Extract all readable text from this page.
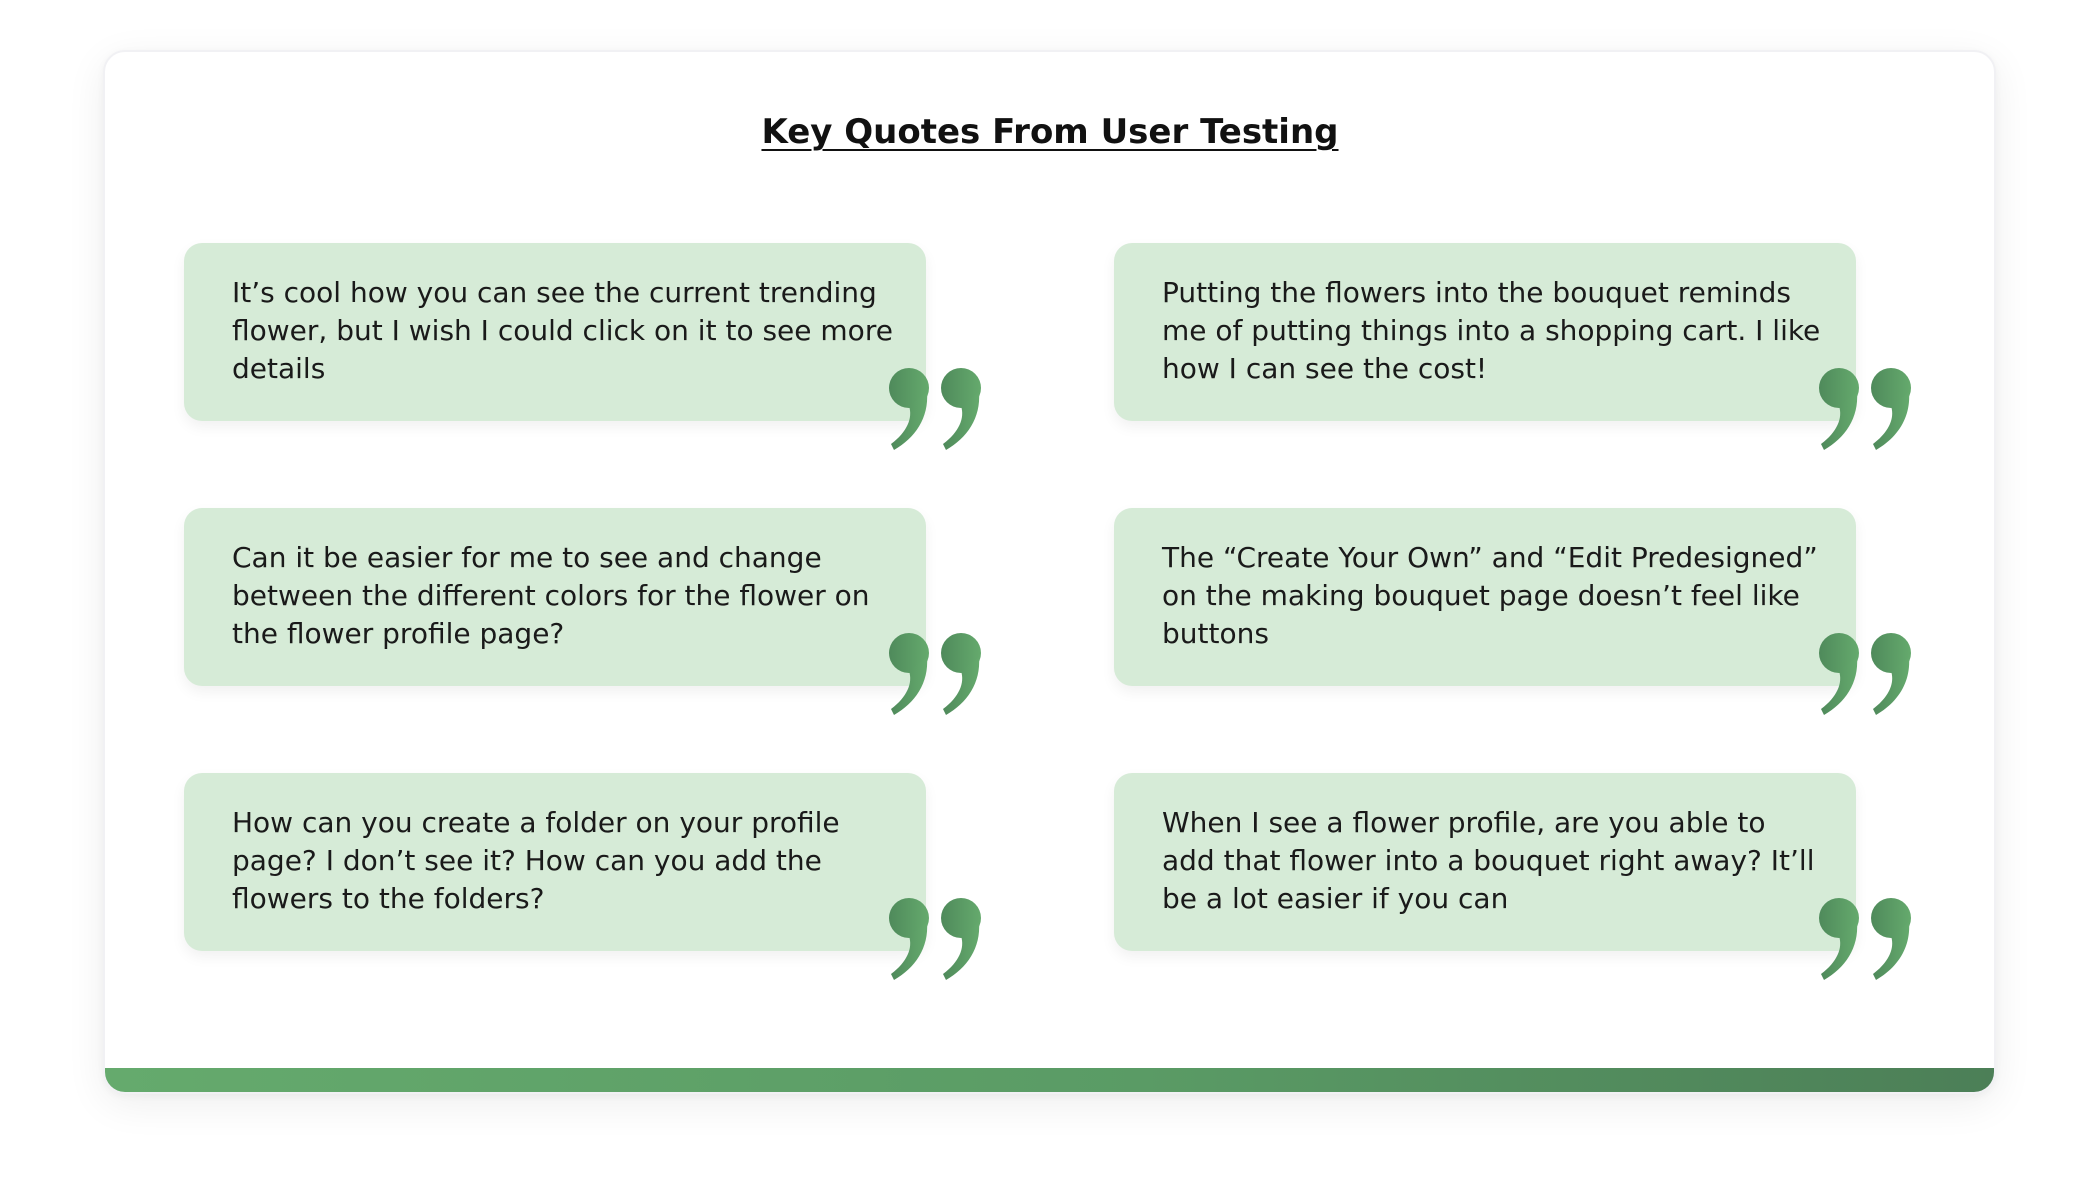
Key Quotes From User Testing

It’s cool how you can see the current trending flower, but I wish I could click on it to see more details

Putting the flowers into the bouquet reminds me of putting things into a shopping cart. I like how I can see the cost!

Can it be easier for me to see and change between the different colors for the flower on the flower profile page?

The “Create Your Own” and “Edit Predesigned” on the making bouquet page doesn’t feel like buttons

How can you create a folder on your profile page? I don’t see it? How can you add the flowers to the folders?

When I see a flower profile, are you able to add that flower into a bouquet right away? It’ll be a lot easier if you can
